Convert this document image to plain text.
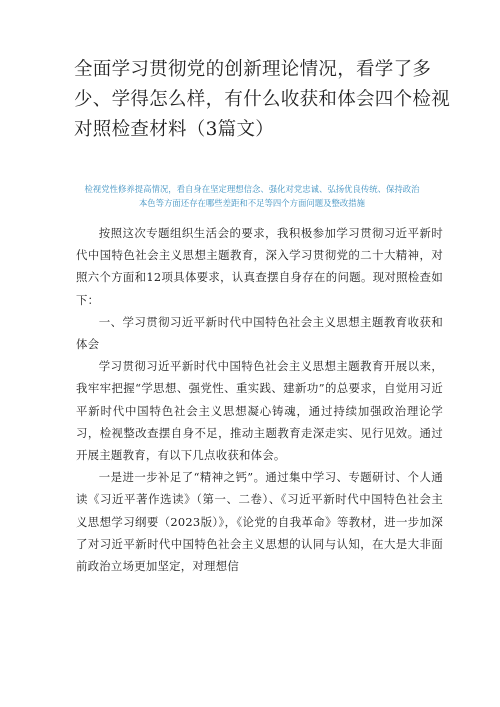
全面学习贯彻党的创新理论情况，看学了多少、学得怎么样，有什么收获和体会四个检视对照检查材料（3篇文）

检视党性修养提高情况，看自身在坚定理想信念、强化对党忠诚、弘扬优良传统、保持政治本色等方面还存在哪些差距和不足等四个方面问题及整改措施

按照这次专题组织生活会的要求，我积极参加学习贯彻习近平新时代中国特色社会主义思想主题教育，深入学习贯彻党的二十大精神，对照六个方面和12项具体要求，认真查摆自身存在的问题。现对照检查如下：

一、学习贯彻习近平新时代中国特色社会主义思想主题教育收获和体会

学习贯彻习近平新时代中国特色社会主义思想主题教育开展以来，我牢牢把握“学思想、强党性、重实践、建新功”的总要求，自觉用习近平新时代中国特色社会主义思想凝心铸魂，通过持续加强政治理论学习，检视整改查摆自身不足，推动主题教育走深走实、见行见效。通过开展主题教育，有以下几点收获和体会。

一是进一步补足了“精神之钙”。通过集中学习、专题研讨、个人通读《习近平著作选读》（第一、二卷）、《习近平新时代中国特色社会主义思想学习纲要（2023版）》，《论党的自我革命》等教材，进一步加深了对习近平新时代中国特色社会主义思想的认同与认知，在大是大非面前政治立场更加坚定，对理想信
